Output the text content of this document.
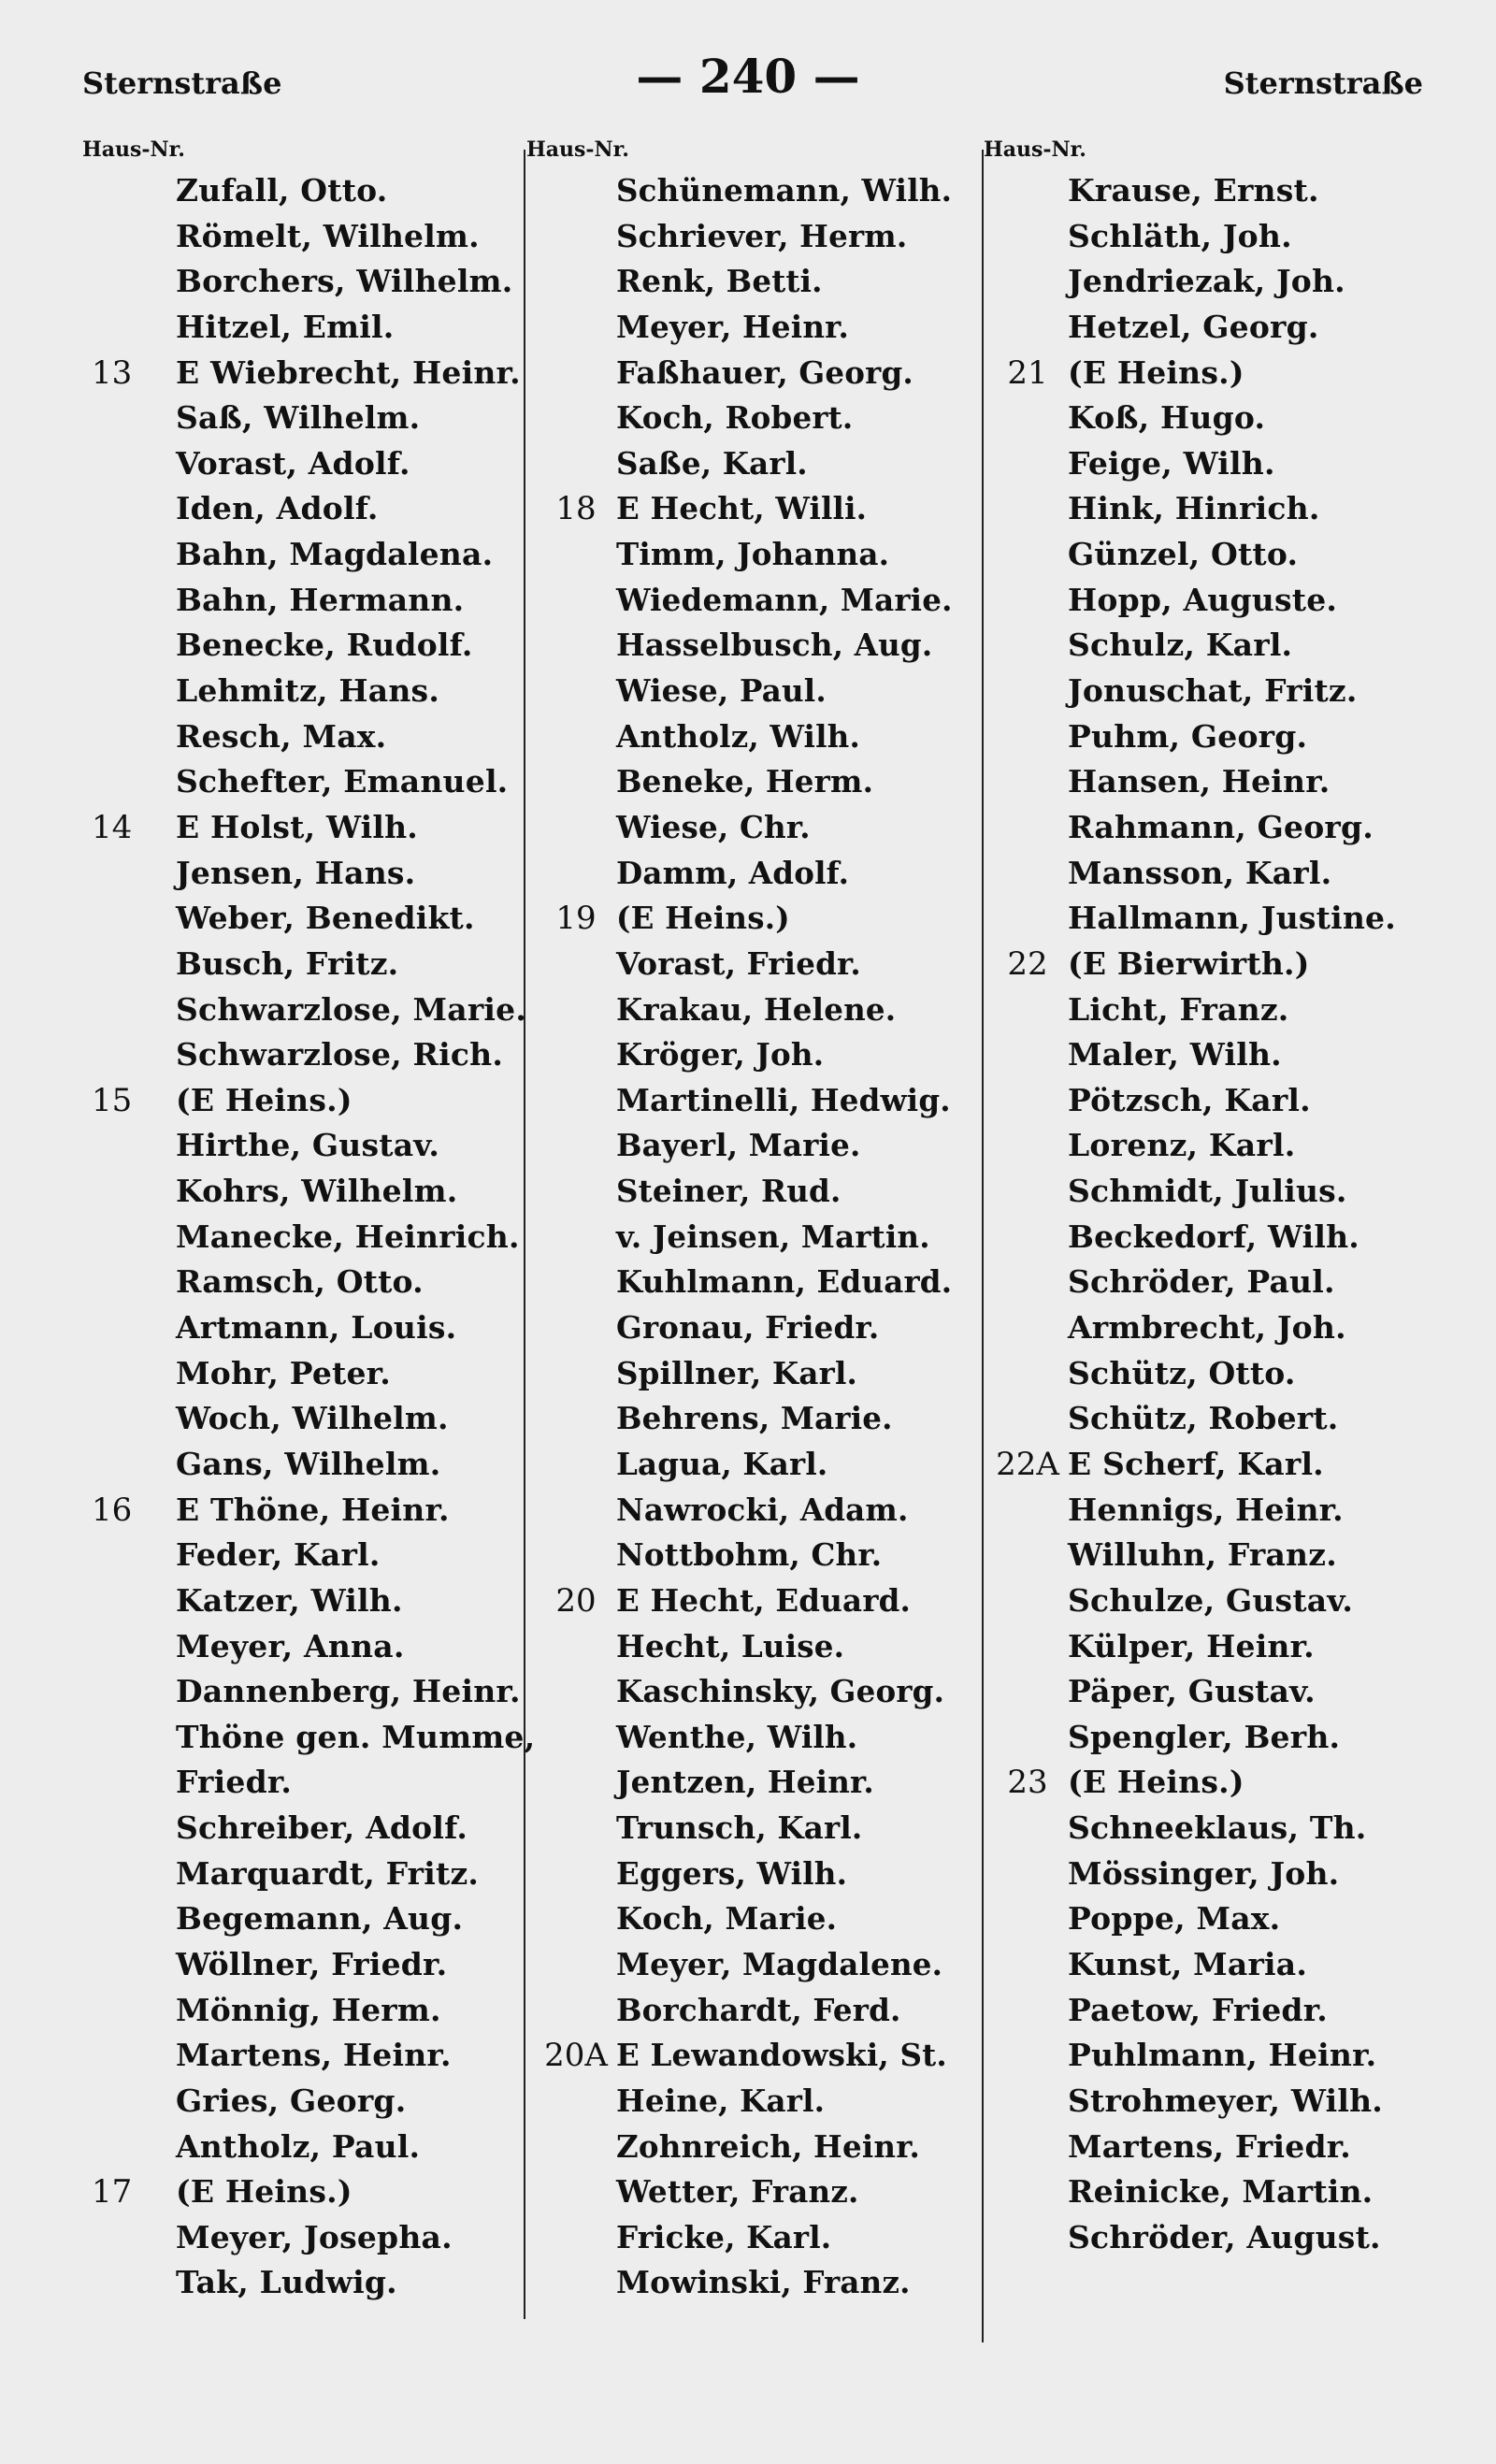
Sternstraße	— 240 —	Sternstraße
Haus-Nr.
Zufall, Otto.
Römelt, Wilhelm.
Borchers, Wilhelm.
Hitzel, Emil.
13	E Wiebrecht, Heinr.
Saß, Wilhelm.
Vorast, Adolf.
Iden, Adolf.
Bahn, Magdalena.
Bahn, Hermann.
Benecke, Rudolf.
Lehmitz, Hans.
Resch, Max.
Schefter, Emanuel.
14	E Holst, Wilh.
Jensen, Hans.
Weber, Benedikt.
Busch, Fritz.
Schwarzlose, Marie.
Schwarzlose, Rich.
15	(E Heins.)
Hirthe, Gustav.
Kohrs, Wilhelm.
Manecke, Heinrich.
Ramsch, Otto.
Artmann, Louis.
Mohr, Peter.
Woch, Wilhelm.
Gans, Wilhelm.
16	E Thöne, Heinr.
Feder, Karl.
Katzer, Wilh.
Meyer, Anna.
Dannenberg, Heinr.
Thöne gen. Mumme,
Friedr.
Schreiber, Adolf.
Marquardt, Fritz.
Begemann, Aug.
Wöllner, Friedr.
Mönnig, Herm.
Martens, Heinr.
Gries, Georg.
Antholz, Paul.
17	(E Heins.)
Meyer, Josepha.
Tak, Ludwig.
Haus-Nr.
Schünemann, Wilh.
Schriever, Herm.
Renk, Betti.
Meyer, Heinr.
Faßhauer, Georg.
Koch, Robert.
Saße, Karl.
18 E Hecht, Willi.
Timm, Johanna.
Wiedemann, Marie.
Hasselbusch, Aug.
Wiese, Paul.
Antholz, Wilh.
Beneke, Herm.
Wiese, Chr.
Damm, Adolf.
19 (E Heins.)
Vorast, Friedr.
Krakau, Helene.
Kröger, Joh.
Martinelli, Hedwig.
Bayerl, Marie.
Steiner, Rud.
v. Jeinsen, Martin.
Kuhlmann, Eduard.
Gronau, Friedr.
Spillner, Karl.
Behrens, Marie.
Lagua, Karl.
Nawrocki, Adam.
Nottbohm, Chr.
20 E Hecht, Eduard.
Hecht, Luise.
Kaschinsky, Georg.
Wenthe, Wilh.
Jentzen, Heinr.
Trunsch, Karl.
Eggers, Wilh.
Koch, Marie.
Meyer, Magdalene.
Borchardt, Ferd.
20A E Lewandowski, St.
Heine, Karl.
Zohnreich, Heinr.
Wetter, Franz.
Fricke, Karl.
Mowinski, Franz.
Haus-Nr.
Krause, Ernst.
Schläth, Joh.
Jendriezak, Joh.
Hetzel, Georg.
21 (E Heins.)
Koß, Hugo.
Feige, Wilh.
Hink, Hinrich.
Günzel, Otto.
Hopp, Auguste.
Schulz, Karl.
Jonuschat, Fritz.
Puhm, Georg.
Hansen, Heinr.
Rahmann, Georg.
Mansson, Karl.
Hallmann, Justine.
22 (E Bierwirth.)
Licht, Franz.
Maler, Wilh.
Pötzsch, Karl.
Lorenz, Karl.
Schmidt, Julius.
Beckedorf, Wilh.
Schröder, Paul.
Armbrecht, Joh.
Schütz, Otto.
Schütz, Robert.
22A E Scherf, Karl.
Hennigs, Heinr.
Willuhn, Franz.
Schulze, Gustav.
Külper, Heinr.
Päper, Gustav.
Spengler, Berh.
23 (E Heins.)
Schneeklaus, Th.
Mössinger, Joh.
Poppe, Max.
Kunst, Maria.
Paetow, Friedr.
Puhlmann, Heinr.
Strohmeyer, Wilh.
Martens, Friedr.
Reinicke, Martin.
Schröder, August.
